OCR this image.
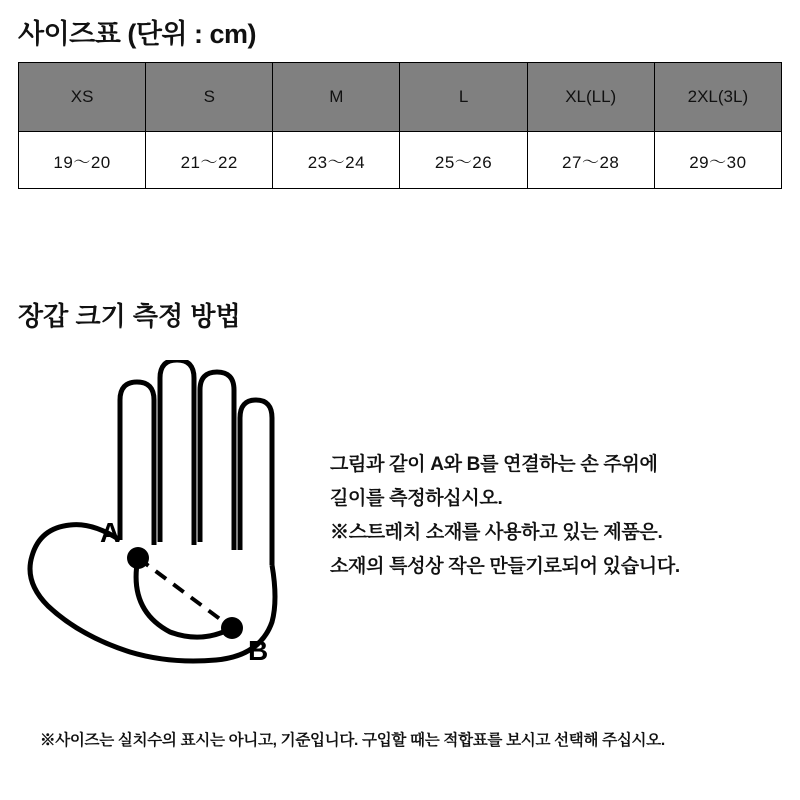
사이즈표 (단위 : cm)
XS	S	M	L	XL(LL)	2XL(3L)
19〜20	21〜22	23〜24	25〜26	27〜28	29〜30
장갑 크기 측정 방법
A
B

그림과 같이 A와 B를 연결하는 손 주위에

길이를 측정하십시오.

※스트레치 소재를 사용하고 있는 제품은.

소재의 특성상 작은 만들기로되어 있습니다.

※사이즈는 실치수의 표시는 아니고, 기준입니다. 구입할 때는 적합표를 보시고 선택해 주십시오.
